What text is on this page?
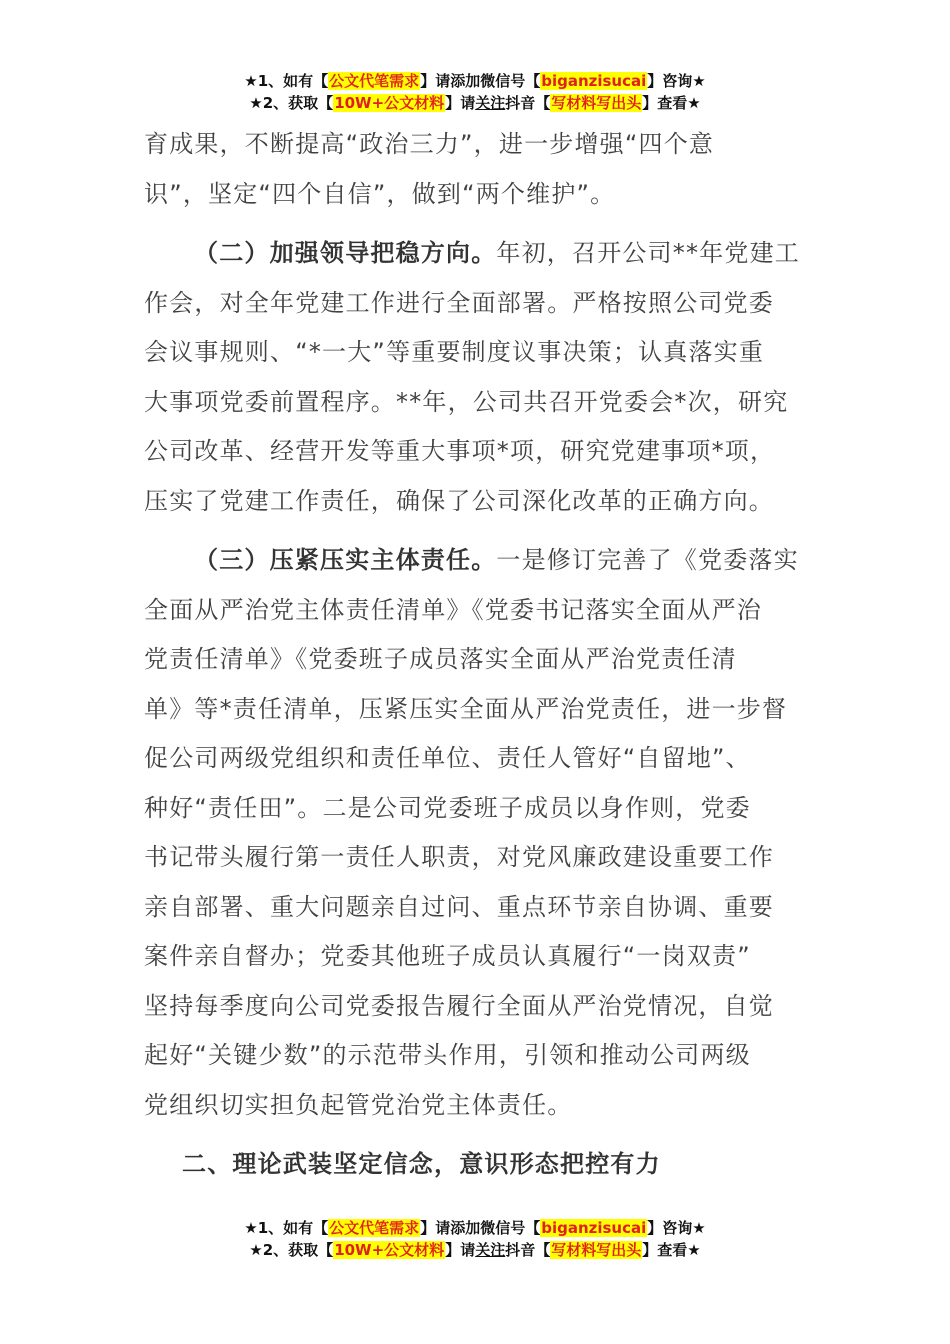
★1、如有【公文代笔需求】请添加微信号【biganzisucai】咨询★
★2、获取【10W+公文材料】请关注抖音【写材料写出头】查看★
育成果，不断提高“政治三力”，进一步增强“四个意
识”，坚定“四个自信”，做到“两个维护”。
（二）加强领导把稳方向。年初，召开公司**年党建工
作会，对全年党建工作进行全面部署。严格按照公司党委
会议事规则、“*一大”等重要制度议事决策；认真落实重
大事项党委前置程序。**年，公司共召开党委会*次，研究
公司改革、经营开发等重大事项*项，研究党建事项*项，
压实了党建工作责任，确保了公司深化改革的正确方向。
（三）压紧压实主体责任。一是修订完善了《党委落实
全面从严治党主体责任清单》《党委书记落实全面从严治
党责任清单》《党委班子成员落实全面从严治党责任清
单》等*责任清单，压紧压实全面从严治党责任，进一步督
促公司两级党组织和责任单位、责任人管好“自留地”、
种好“责任田”。二是公司党委班子成员以身作则，党委
书记带头履行第一责任人职责，对党风廉政建设重要工作
亲自部署、重大问题亲自过问、重点环节亲自协调、重要
案件亲自督办；党委其他班子成员认真履行“一岗双责”
坚持每季度向公司党委报告履行全面从严治党情况，自觉
起好“关键少数”的示范带头作用，引领和推动公司两级
党组织切实担负起管党治党主体责任。
二、理论武装坚定信念，意识形态把控有力
★1、如有【公文代笔需求】请添加微信号【biganzisucai】咨询★
★2、获取【10W+公文材料】请关注抖音【写材料写出头】查看★
